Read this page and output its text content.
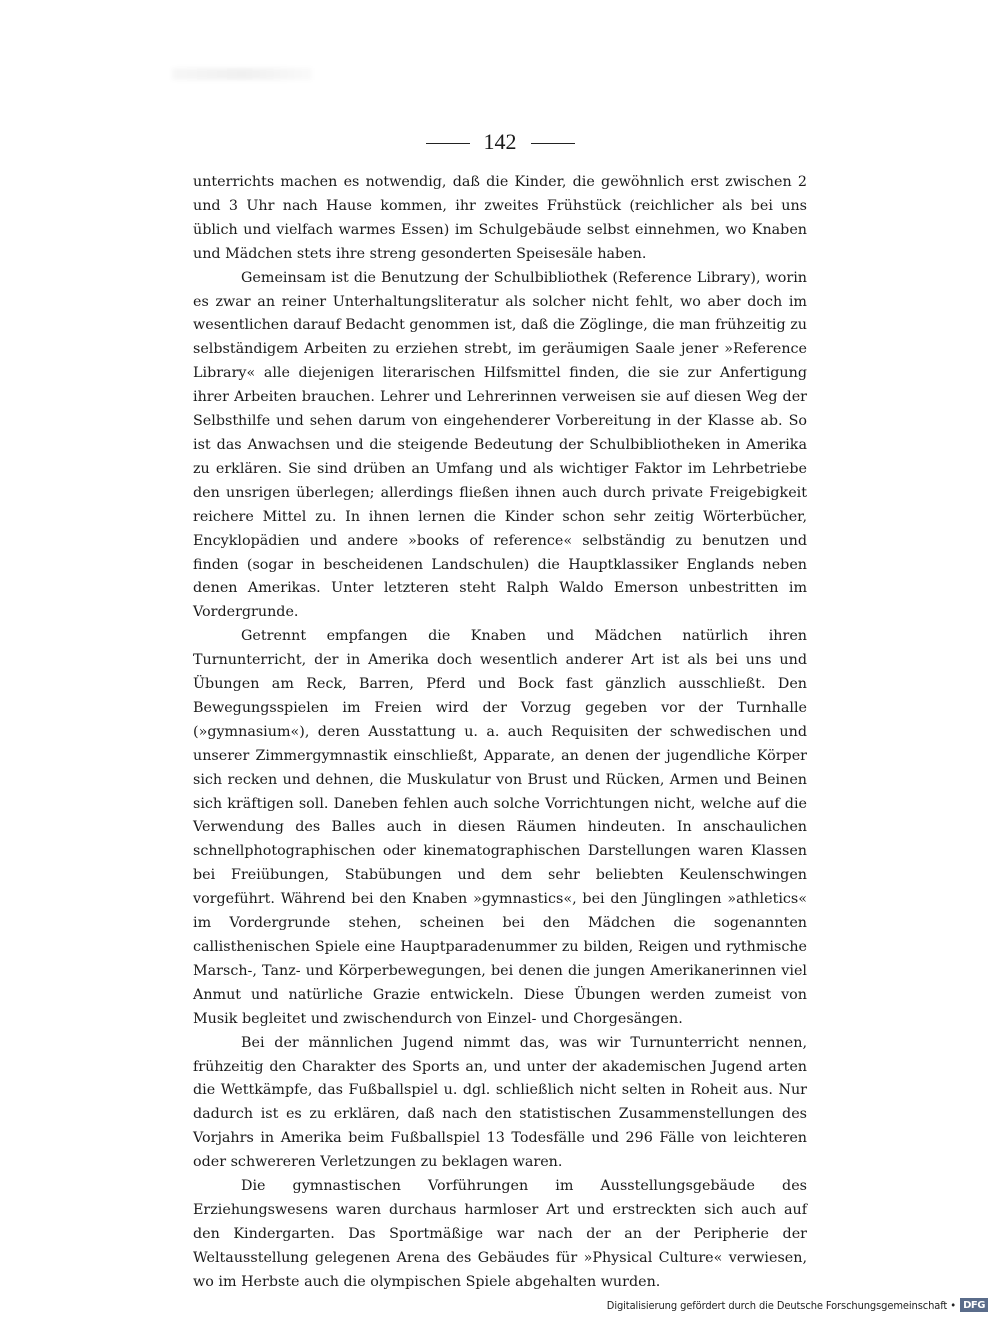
142

unterrichts machen es notwendig, daß die Kinder, die gewöhnlich erst zwischen 2 und 3 Uhr nach Hause kommen, ihr zweites Frühstück (reichlicher als bei uns üblich und vielfach warmes Essen) im Schulgebäude selbst einnehmen, wo Knaben und Mädchen stets ihre streng gesonderten Speisesäle haben.

Gemeinsam ist die Benutzung der Schulbibliothek (Reference Library), worin es zwar an reiner Unterhaltungsliteratur als solcher nicht fehlt, wo aber doch im wesentlichen darauf Bedacht genommen ist, daß die Zöglinge, die man frühzeitig zu selbständigem Arbeiten zu erziehen strebt, im geräumigen Saale jener »Reference Library« alle diejenigen literarischen Hilfsmittel finden, die sie zur Anfertigung ihrer Arbeiten brauchen. Lehrer und Lehrerinnen verweisen sie auf diesen Weg der Selbsthilfe und sehen darum von eingehenderer Vorbereitung in der Klasse ab. So ist das Anwachsen und die steigende Bedeutung der Schulbibliotheken in Amerika zu erklären. Sie sind drüben an Umfang und als wichtiger Faktor im Lehrbetriebe den unsrigen überlegen; allerdings fließen ihnen auch durch private Freigebigkeit reichere Mittel zu. In ihnen lernen die Kinder schon sehr zeitig Wörterbücher, Encyklopädien und andere »books of reference« selbständig zu benutzen und finden (sogar in bescheidenen Landschulen) die Hauptklassiker Englands neben denen Amerikas. Unter letzteren steht Ralph Waldo Emerson unbestritten im Vordergrunde.

Getrennt empfangen die Knaben und Mädchen natürlich ihren Turnunterricht, der in Amerika doch wesentlich anderer Art ist als bei uns und Übungen am Reck, Barren, Pferd und Bock fast gänzlich ausschließt. Den Bewegungsspielen im Freien wird der Vorzug gegeben vor der Turnhalle (»gymnasium«), deren Ausstattung u. a. auch Requisiten der schwedischen und unserer Zimmergymnastik einschließt, Apparate, an denen der jugendliche Körper sich recken und dehnen, die Muskulatur von Brust und Rücken, Armen und Beinen sich kräftigen soll. Daneben fehlen auch solche Vorrichtungen nicht, welche auf die Verwendung des Balles auch in diesen Räumen hindeuten. In anschaulichen schnellphotographischen oder kinematographischen Darstellungen waren Klassen bei Freiübungen, Stabübungen und dem sehr beliebten Keulenschwingen vorgeführt. Während bei den Knaben »gymnastics«, bei den Jünglingen »athletics« im Vordergrunde stehen, scheinen bei den Mädchen die sogenannten callisthenischen Spiele eine Hauptparadenummer zu bilden, Reigen und rythmische Marsch-, Tanz- und Körperbewegungen, bei denen die jungen Amerikanerinnen viel Anmut und natürliche Grazie entwickeln. Diese Übungen werden zumeist von Musik begleitet und zwischendurch von Einzel- und Chorgesängen.

Bei der männlichen Jugend nimmt das, was wir Turnunterricht nennen, frühzeitig den Charakter des Sports an, und unter der akademischen Jugend arten die Wettkämpfe, das Fußballspiel u. dgl. schließlich nicht selten in Roheit aus. Nur dadurch ist es zu erklären, daß nach den statistischen Zusammenstellungen des Vorjahrs in Amerika beim Fußballspiel 13 Todesfälle und 296 Fälle von leichteren oder schwereren Verletzungen zu beklagen waren.

Die gymnastischen Vorführungen im Ausstellungsgebäude des Erziehungswesens waren durchaus harmloser Art und erstreckten sich auch auf den Kindergarten. Das Sportmäßige war nach der an der Peripherie der Weltausstellung gelegenen Arena des Gebäudes für »Physical Culture« verwiesen, wo im Herbste auch die olympischen Spiele abgehalten wurden.

Digitalisierung gefördert durch die Deutsche Forschungsgemeinschaft • DFG
